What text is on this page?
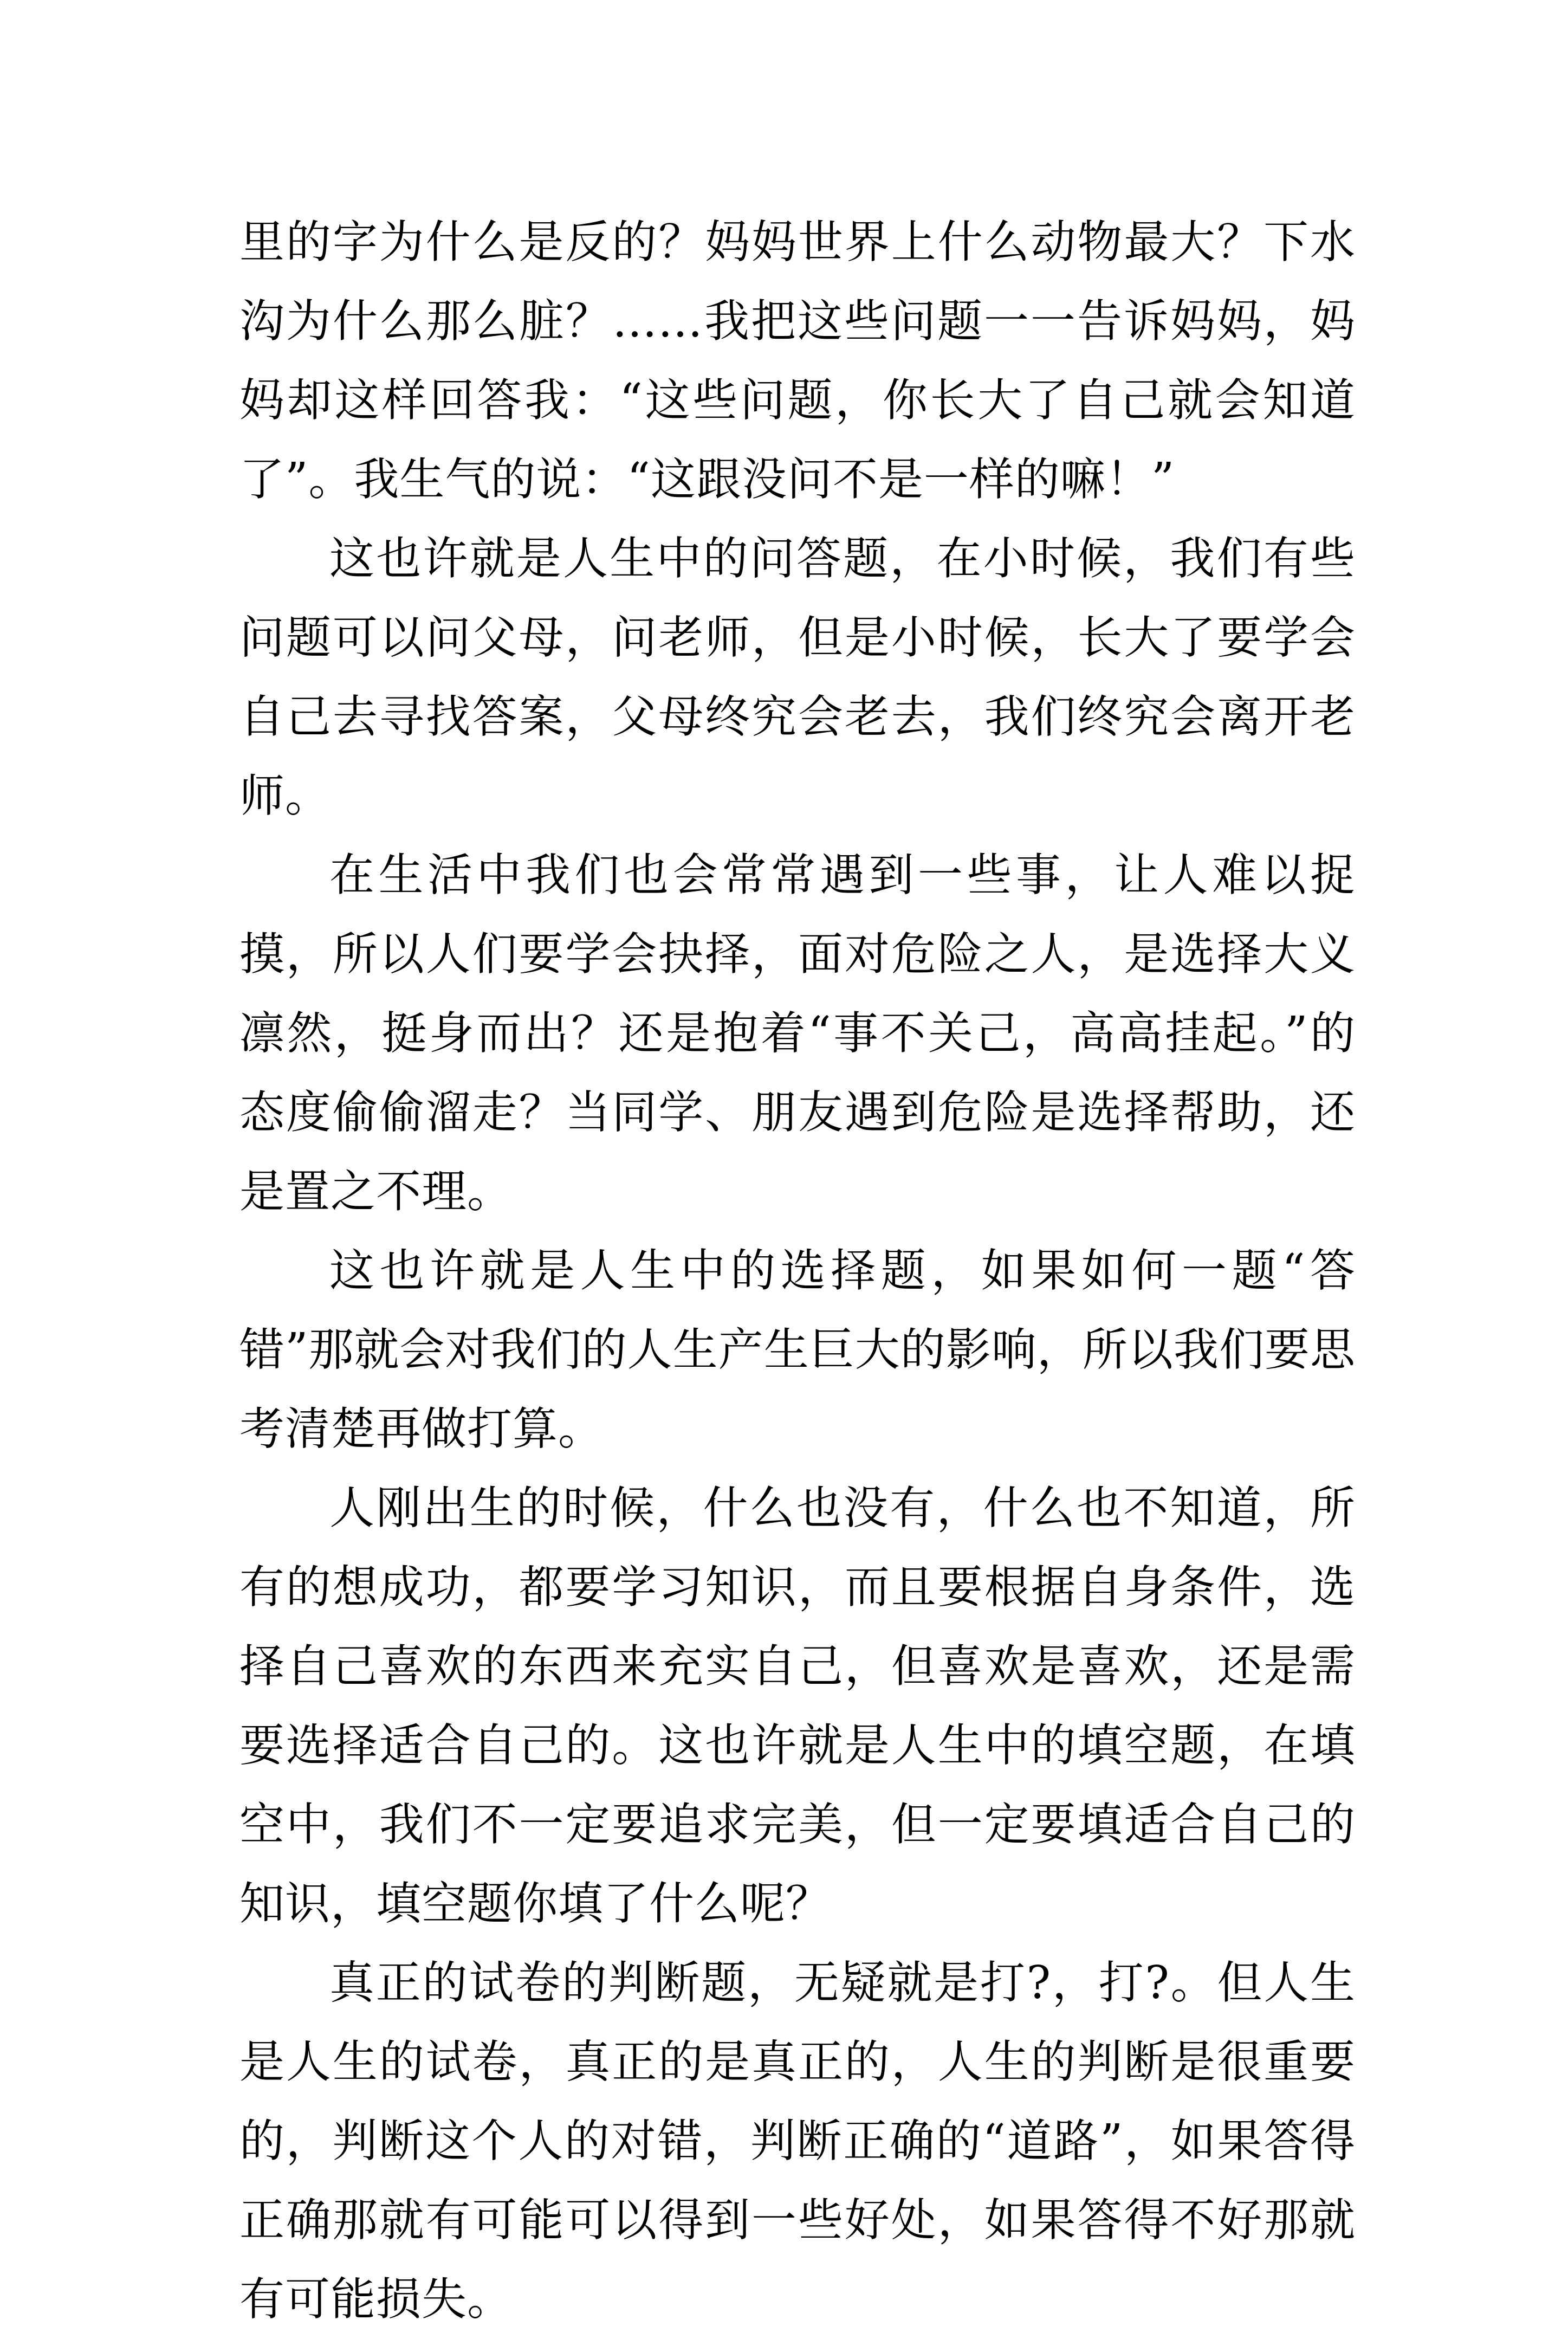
里的字为什么是反的？妈妈世界上什么动物最大？下水沟为什么那么脏？……我把这些问题一一告诉妈妈，妈妈却这样回答我：“这些问题，你长大了自己就会知道了”。我生气的说：“这跟没问不是一样的嘛！”

这也许就是人生中的问答题，在小时候，我们有些问题可以问父母，问老师，但是小时候，长大了要学会自己去寻找答案，父母终究会老去，我们终究会离开老师。

在生活中我们也会常常遇到一些事，让人难以捉摸，所以人们要学会抉择，面对危险之人，是选择大义凛然，挺身而出？还是抱着“事不关己，高高挂起。”的态度偷偷溜走？当同学、朋友遇到危险是选择帮助，还是置之不理。

这也许就是人生中的选择题，如果如何一题“答错”那就会对我们的人生产生巨大的影响，所以我们要思考清楚再做打算。

人刚出生的时候，什么也没有，什么也不知道，所有的想成功，都要学习知识，而且要根据自身条件，选择自己喜欢的东西来充实自己，但喜欢是喜欢，还是需要选择适合自己的。这也许就是人生中的填空题，在填空中，我们不一定要追求完美，但一定要填适合自己的知识，填空题你填了什么呢？

真正的试卷的判断题，无疑就是打?，打?。但人生是人生的试卷，真正的是真正的，人生的判断是很重要的，判断这个人的对错，判断正确的“道路”，如果答得正确那就有可能可以得到一些好处，如果答得不好那就有可能损失。
